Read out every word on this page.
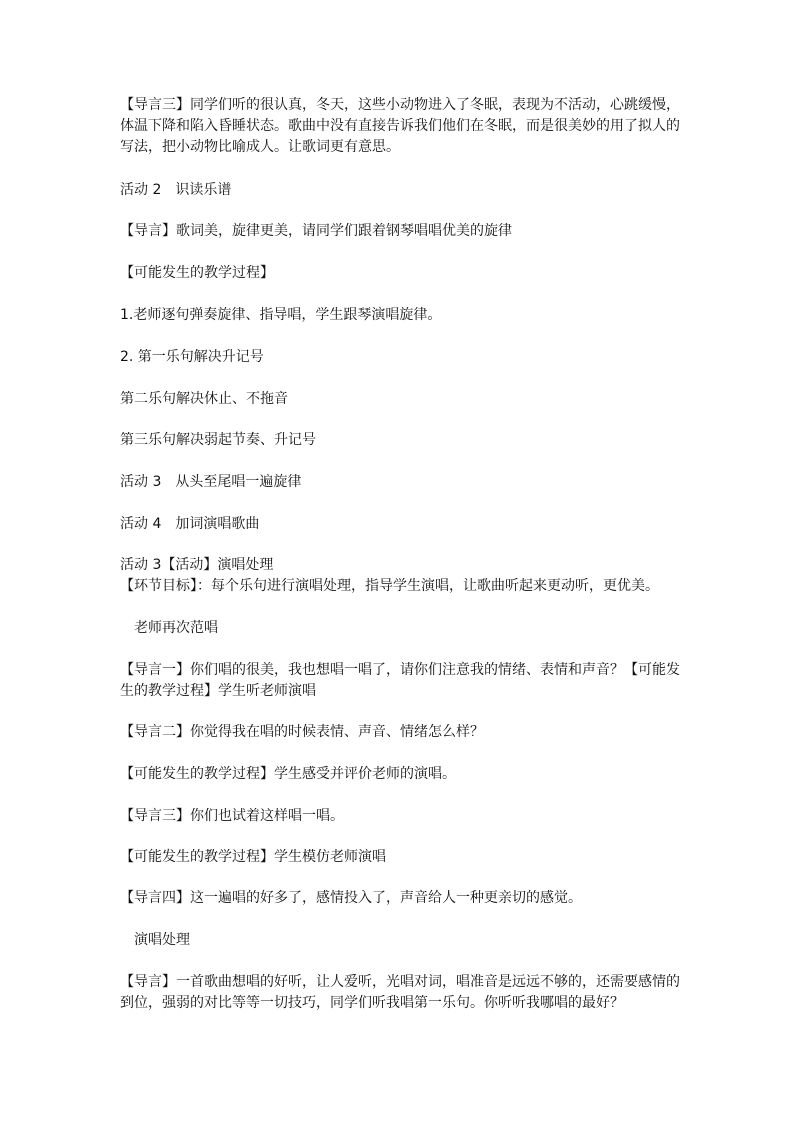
【导言三】同学们听的很认真，冬天，这些小动物进入了冬眠，表现为不活动，心跳缓慢，体温下降和陷入昏睡状态。歌曲中没有直接告诉我们他们在冬眠，而是很美妙的用了拟人的写法，把小动物比喻成人。让歌词更有意思。
活动 2　识读乐谱
【导言】歌词美，旋律更美，请同学们跟着钢琴唱唱优美的旋律
【可能发生的教学过程】
1.老师逐句弹奏旋律、指导唱，学生跟琴演唱旋律。
2. 第一乐句解决升记号
第二乐句解决休止、不拖音
第三乐句解决弱起节奏、升记号
活动 3　从头至尾唱一遍旋律
活动 4　加词演唱歌曲
活动 3【活动】演唱处理
【环节目标】：每个乐句进行演唱处理，指导学生演唱，让歌曲听起来更动听，更优美。
　老师再次范唱
【导言一】你们唱的很美，我也想唱一唱了，请你们注意我的情绪、表情和声音？【可能发生的教学过程】学生听老师演唱
【导言二】你觉得我在唱的时候表情、声音、情绪怎么样？
【可能发生的教学过程】学生感受并评价老师的演唱。
【导言三】你们也试着这样唱一唱。
【可能发生的教学过程】学生模仿老师演唱
【导言四】这一遍唱的好多了，感情投入了，声音给人一种更亲切的感觉。
　演唱处理
【导言】一首歌曲想唱的好听，让人爱听，光唱对词，唱准音是远远不够的，还需要感情的到位，强弱的对比等等一切技巧，同学们听我唱第一乐句。你听听我哪唱的最好？
